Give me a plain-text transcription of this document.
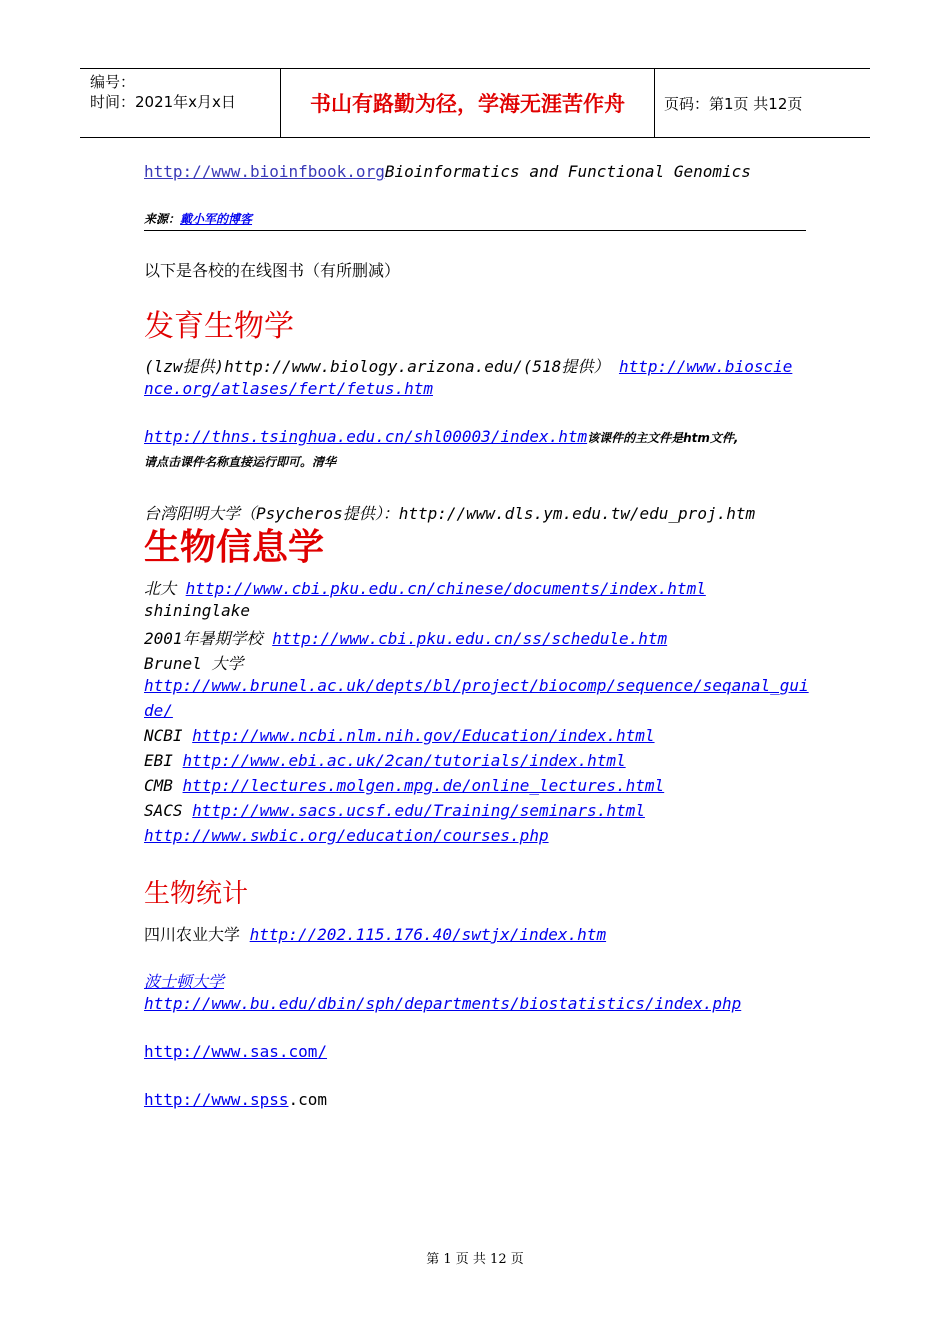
编号：
时间：2021年x月x日	书山有路勤为径，学海无涯苦作舟	页码：第1页 共12页
http://www.bioinfbook.orgBioinformatics and Functional Genomics
来源：戴小军的博客
以下是各校的在线图书（有所删减）
发育生物学
(lzw提供)http://www.biology.arizona.edu/(518提供） http://www.bioscie
nce.org/atlases/fert/fetus.htm
http://thns.tsinghua.edu.cn/shl00003/index.htm该课件的主文件是htm文件,
请点击课件名称直接运行即可。清华
台湾阳明大学（Psycheros提供）：http://www.dls.ym.edu.tw/edu_proj.htm
生物信息学
北大 http://www.cbi.pku.edu.cn/chinese/documents/index.html
shininglake
2001年暑期学校 http://www.cbi.pku.edu.cn/ss/schedule.htm
Brunel 大学
http://www.brunel.ac.uk/depts/bl/project/biocomp/sequence/seqanal_gui
de/
NCBI http://www.ncbi.nlm.nih.gov/Education/index.html
EBI http://www.ebi.ac.uk/2can/tutorials/index.html
CMB http://lectures.molgen.mpg.de/online_lectures.html
SACS http://www.sacs.ucsf.edu/Training/seminars.html
http://www.swbic.org/education/courses.php
生物统计
四川农业大学 http://202.115.176.40/swtjx/index.htm
波士顿大学
http://www.bu.edu/dbin/sph/departments/biostatistics/index.php
http://www.sas.com/
http://www.spss.com
第 1 页 共 12 页
